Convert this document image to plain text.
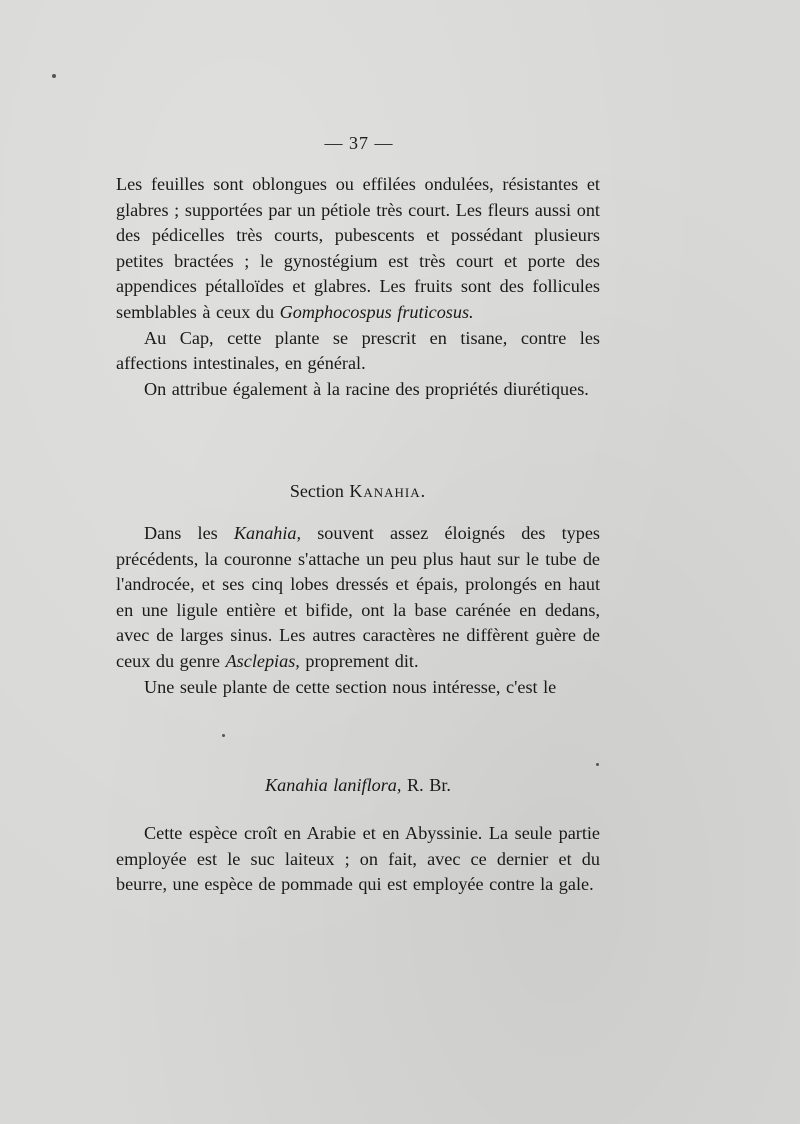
— 37 —

Les feuilles sont oblongues ou effilées ondulées, résistantes et glabres ; supportées par un pétiole très court. Les fleurs aussi ont des pédicelles très courts, pubescents et possédant plusieurs petites bractées ; le gynostégium est très court et porte des appendices pétalloïdes et glabres. Les fruits sont des follicules semblables à ceux du Gomphocospus fruticosus.

Au Cap, cette plante se prescrit en tisane, contre les affections intestinales, en général.

On attribue également à la racine des propriétés diurétiques.

Section Kanahia.

Dans les Kanahia, souvent assez éloignés des types précédents, la couronne s'attache un peu plus haut sur le tube de l'androcée, et ses cinq lobes dressés et épais, prolongés en haut en une ligule entière et bifide, ont la base carénée en dedans, avec de larges sinus. Les autres caractères ne diffèrent guère de ceux du genre Asclepias, proprement dit.

Une seule plante de cette section nous intéresse, c'est le

Kanahia laniflora, R. Br.

Cette espèce croît en Arabie et en Abyssinie. La seule partie employée est le suc laiteux ; on fait, avec ce dernier et du beurre, une espèce de pommade qui est employée contre la gale.
